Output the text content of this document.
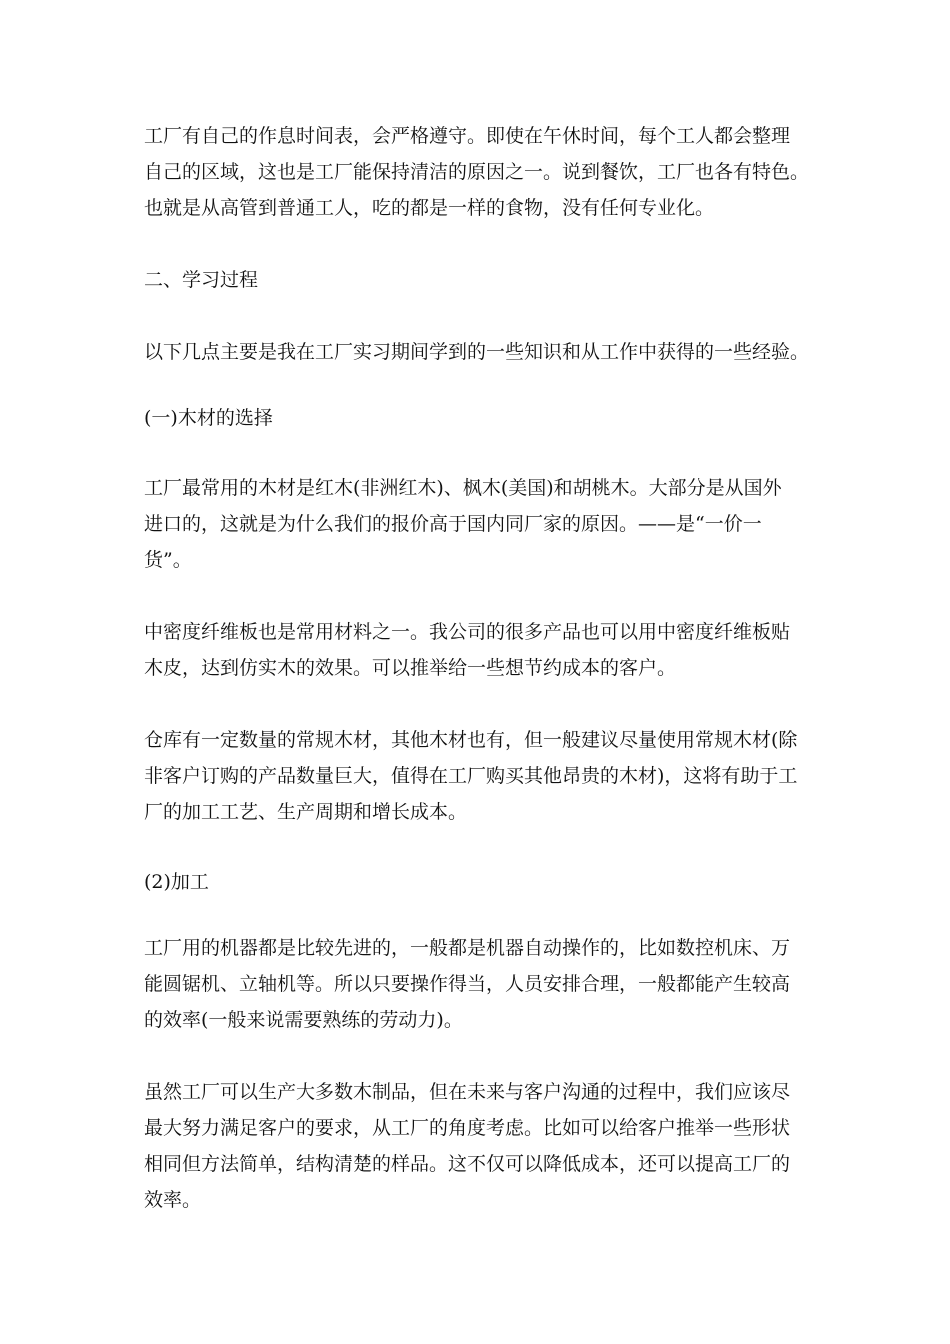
工厂有自己的作息时间表，会严格遵守。即使在午休时间，每个工人都会整理
自己的区域，这也是工厂能保持清洁的原因之一。说到餐饮，工厂也各有特色。
也就是从高管到普通工人，吃的都是一样的食物，没有任何专业化。

二、学习过程

以下几点主要是我在工厂实习期间学到的一些知识和从工作中获得的一些经验。

(一)木材的选择

工厂最常用的木材是红木(非洲红木)、枫木(美国)和胡桃木。大部分是从国外
进口的，这就是为什么我们的报价高于国内同厂家的原因。——是“一价一
货”。

中密度纤维板也是常用材料之一。我公司的很多产品也可以用中密度纤维板贴
木皮，达到仿实木的效果。可以推举给一些想节约成本的客户。

仓库有一定数量的常规木材，其他木材也有，但一般建议尽量使用常规木材(除
非客户订购的产品数量巨大，值得在工厂购买其他昂贵的木材)，这将有助于工
厂的加工工艺、生产周期和增长成本。

(2)加工

工厂用的机器都是比较先进的，一般都是机器自动操作的，比如数控机床、万
能圆锯机、立轴机等。所以只要操作得当，人员安排合理，一般都能产生较高
的效率(一般来说需要熟练的劳动力)。

虽然工厂可以生产大多数木制品，但在未来与客户沟通的过程中，我们应该尽
最大努力满足客户的要求，从工厂的角度考虑。比如可以给客户推举一些形状
相同但方法简单，结构清楚的样品。这不仅可以降低成本，还可以提高工厂的
效率。
